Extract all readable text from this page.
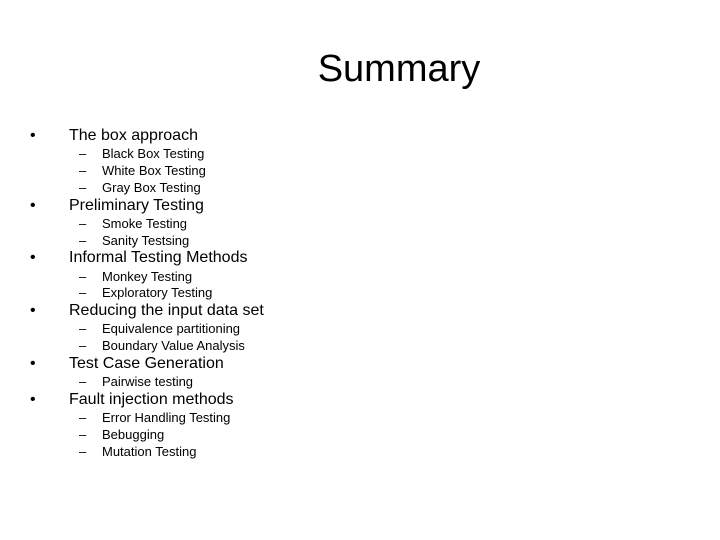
Summary
• The box approach
– Black Box Testing
– White Box Testing
– Gray Box Testing
• Preliminary Testing
– Smoke Testing
– Sanity Testsing
• Informal Testing Methods
– Monkey Testing
– Exploratory Testing
• Reducing the input data set
– Equivalence partitioning
– Boundary Value Analysis
• Test Case Generation
– Pairwise testing
• Fault injection methods
– Error Handling Testing
– Bebugging
– Mutation Testing
